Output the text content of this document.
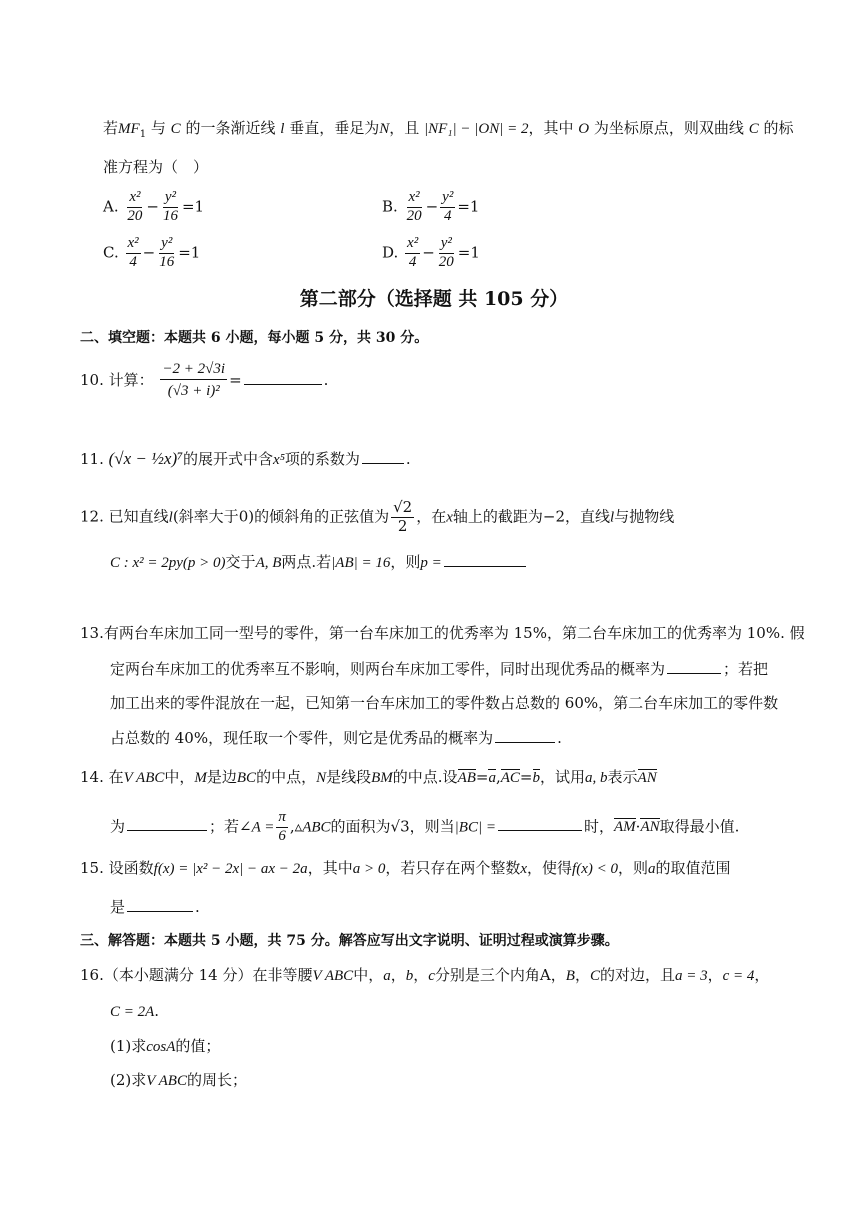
若$MF_1$ 与 C 的一条渐近线 l 垂直，垂足为N，且 |NF₁| − |ON| = 2，其中 O 为坐标原点，则双曲线 C 的标
准方程为（　）
A. $\frac{\text{x²}}{20} - \frac{\text{y²}}{16} =1$	B. $\frac{\text{x²}}{20} - \frac{\text{y²}}{4} =1$
C. $\frac{\text{x²}}{4} - \frac{\text{y²}}{16} =1$	D. $\frac{\text{x²}}{4} - \frac{\text{y²}}{20} =1$
第二部分（选择题 共 105 分）
二、填空题：本题共 6 小题，每小题 5 分，共 30 分。
10. 计算： $\frac{-2 + 2√3i}{\text{(√3 + i)²}}$ =	.
11. (√x − ½x)⁷的展开式中含x⁵项的系数为	.
12. 已知直线l(斜率大于0)的倾斜角的正弦值为 $\frac{√2}{2}$ ，在x轴上的截距为−2，直线l与抛物线
C : x² = 2py(p > 0)交于A, B两点.若|AB| = 16，则p =
13.有两台车床加工同一型号的零件，第一台车床加工的优秀率为 15%，第二台车床加工的优秀率为 10%. 假
定两台车床加工的优秀率互不影响，则两台车床加工零件，同时出现优秀品的概率为	；若把
加工出来的零件混放在一起，已知第一台车床加工的零件数占总数的 60%，第二台车床加工的零件数
占总数的 40%，现任取一个零件，则它是优秀品的概率为	.
14. 在V ABC中，M是边BC的中点，N是线段BM的中点.设AB=a,AC=b，试用a, b表示AN
为	；若∠A = $\frac{\pi}{6}$ ,▵ABC的面积为√3，则当|BC| =	时，AM·AN取得最小值.
15. 设函数f(x) = |x² − 2x| − ax − 2a，其中a > 0，若只存在两个整数x，使得f(x) < 0，则a的取值范围
是	.
三、解答题：本题共 5 小题，共 75 分。解答应写出文字说明、证明过程或演算步骤。
16.（本小题满分 14 分）在非等腰V ABC中，a，b，c分别是三个内角A，B，C的对边，且a = 3，c = 4，
C = 2A.
(1)求cosA的值；
(2)求V ABC的周长；
